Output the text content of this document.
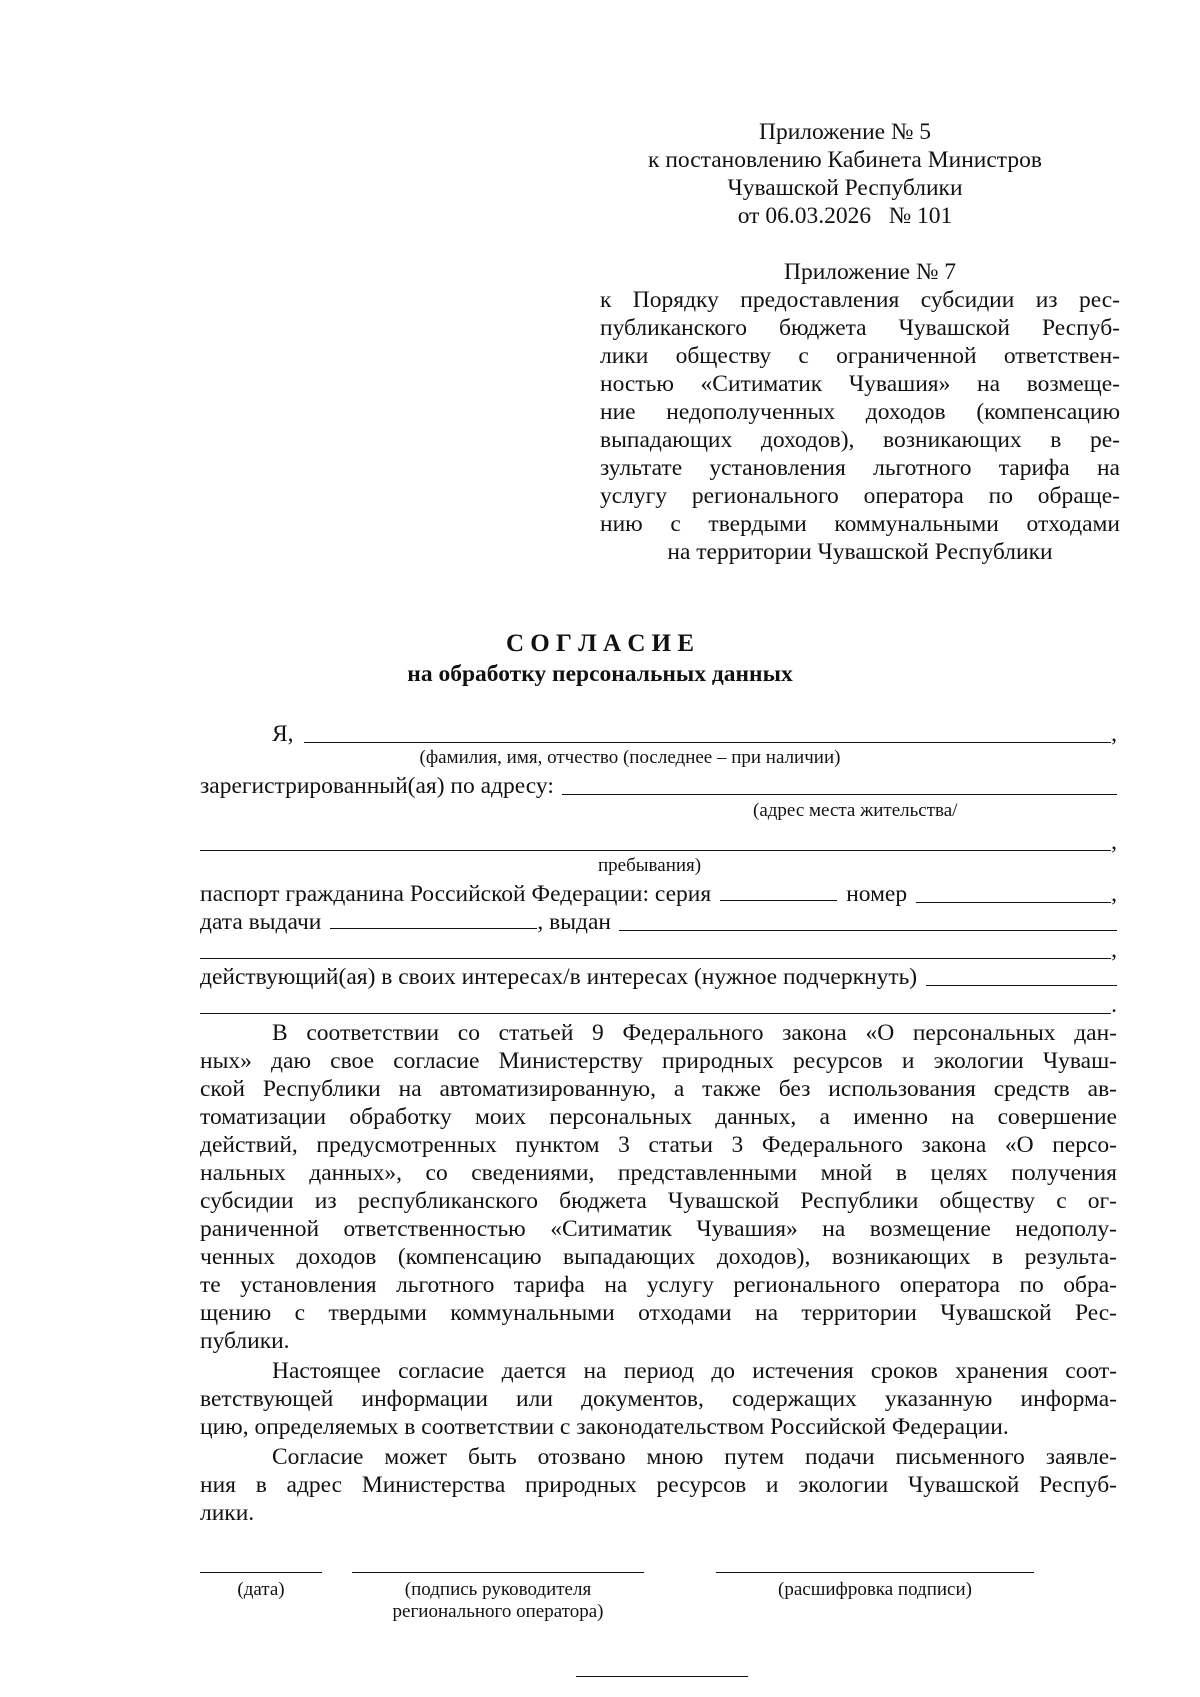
Приложение № 5
к постановлению Кабинета Министров
Чувашской Республики
от 06.03.2026   № 101
Приложение № 7
к Порядку предоставления субсидии из рес-
публиканского бюджета Чувашской Респуб-
лики обществу с ограниченной ответствен-
ностью «Ситиматик Чувашия» на возмеще-
ние недополученных доходов (компенсацию
выпадающих доходов), возникающих в ре-
зультате установления льготного тарифа на
услугу регионального оператора по обраще-
нию с твердыми коммунальными отходами
на территории Чувашской Республики
С О Г Л А С И Е
на обработку персональных данных
Я,	,
(фамилия, имя, отчество (последнее – при наличии)
зарегистрированный(ая) по адресу:
(адрес места жительства/
,
пребывания)
паспорт гражданина Российской Федерации: серия	номер	,
дата выдачи	, выдан
,
действующий(ая) в своих интересах/в интересах (нужное подчеркнуть)
.
В соответствии со статьей 9 Федерального закона «О персональных дан-
ных» даю свое согласие Министерству природных ресурсов и экологии Чуваш-
ской Республики на автоматизированную, а также без использования средств ав-
томатизации обработку моих персональных данных, а именно на совершение
действий, предусмотренных пунктом 3 статьи 3 Федерального закона «О персо-
нальных данных», со сведениями, представленными мной в целях получения
субсидии из республиканского бюджета Чувашской Республики обществу с ог-
раниченной ответственностью «Ситиматик Чувашия» на возмещение недополу-
ченных доходов (компенсацию выпадающих доходов), возникающих в результа-
те установления льготного тарифа на услугу регионального оператора по обра-
щению с твердыми коммунальными отходами на территории Чувашской Рес-
публики.
Настоящее согласие дается на период до истечения сроков хранения соот-
ветствующей информации или документов, содержащих указанную информа-
цию, определяемых в соответствии с законодательством Российской Федерации.
Согласие может быть отозвано мною путем подачи письменного заявле-
ния в адрес Министерства природных ресурсов и экологии Чувашской Респуб-
лики.
(дата)	(подпись руководителя
регионального оператора)
(расшифровка подписи)
